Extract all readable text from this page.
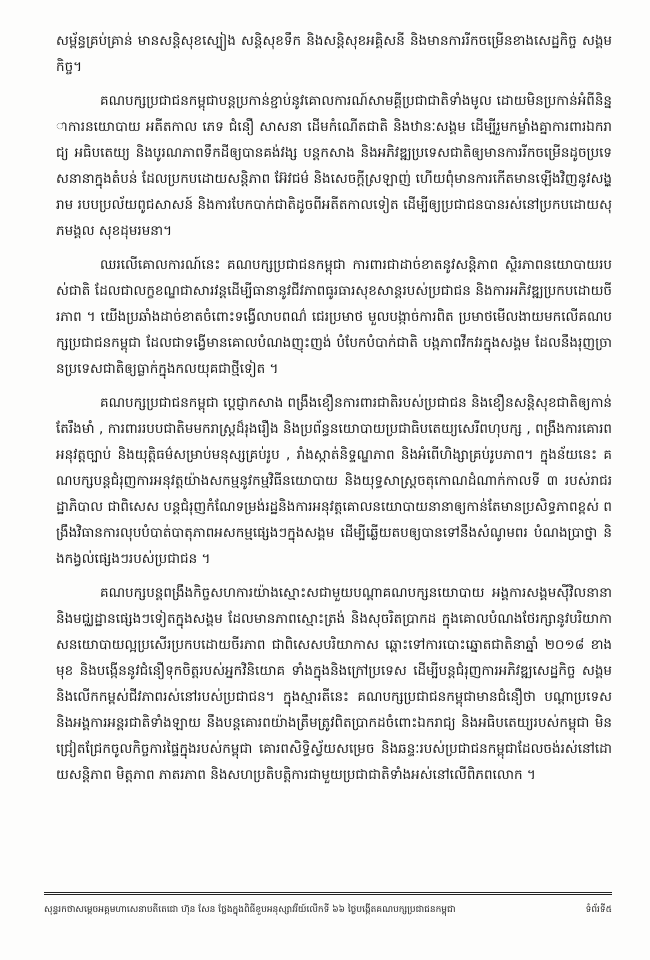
សម្ព័ន្ធគ្រប់គ្រាន់ មានសន្តិសុខស្បៀង សន្តិសុខទឹក និងសន្តិសុខអគ្គិសនី និងមានការរីកចម្រើនខាងសេដ្ឋកិច្ច សង្គមកិច្ច។

គណបក្សប្រជាជនកម្ពុជាបន្តប្រកាន់ខ្ជាប់នូវគោលការណ៍សាមគ្គីប្រជាជាតិទាំងមូល ដោយមិនប្រកាន់អំពីនិន្នាការនយោបាយ អតីតកាល ភេទ ជំនឿ សាសនា ដើមកំណើតជាតិ និងឋានៈសង្គម ដើម្បីរួមកម្លាំងគ្នាការពារឯករាជ្យ អធិបតេយ្យ និងបូរណភាពទឹកដីឲ្យបានគង់វង្ស បន្តកសាង និងអភិវឌ្ឍប្រទេសជាតិឲ្យមានការរីកចម្រើនដូចប្រទេសនានាក្នុងតំបន់ ដែលប្រកបដោយសន្តិភាព អ៊ែវជម៌ និងសេចក្តីស្រឡាញ់ ហើយពុំមានការកើតមានឡើងវិញនូវសង្គ្រាម របបប្រល័យពូជសាសន៍ និងការបែកបាក់ជាតិដូចពីអតីតកាលទៀត ដើម្បីឲ្យប្រជាជនបានរស់នៅប្រកបដោយសុភមង្គល សុខដុមរមនា។

ឈរលើគោលការណ៍នេះ គណបក្សប្រជាជនកម្ពុជា ការពារជាដាច់ខាតនូវសន្តិភាព ស្ថិរភាពនយោបាយរបស់ជាតិ ដែលជាលក្ខខណ្ឌជាសារវន្តដើម្បីធានានូវជីវភាពធូរធារសុខសាន្តរបស់ប្រជាជន និងការអភិវឌ្ឍប្រកបដោយចីរភាព ។ យើងប្រឆាំងដាច់ខាតចំពោះទង្វើលាបពណ៌ ជេរប្រមាថ មួលបង្កាច់ការពិត ប្រមាថមើលងាយមកលើគណបក្សប្រជាជនកម្ពុជា ដែលជាទង្វើមានគោលបំណងញុះញង់ បំបែកបំបាក់ជាតិ បង្កភាពវឹកវរក្នុងសង្គម ដែលនឹងរុញច្រានប្រទេសជាតិឲ្យធ្លាក់ក្នុងកលយុគជាថ្មីទៀត ។

គណបក្សប្រជាជនកម្ពុជា ប្តេជ្ញាកសាង ពង្រឹងខឿនការពារជាតិរបស់ប្រជាជន និងខឿនសន្តិសុខជាតិឲ្យកាន់តែរឹងមាំ , ការពាររបបជាតិមមករាស្ត្រដ៏រុងរឿង និងប្រព័ន្ធនយោបាយប្រជាធិបតេយ្យសេរីពហុបក្ស , ពង្រឹងការគោរពអនុវត្តច្បាប់ និងយុត្តិធម៌សម្រាប់មនុស្សគ្រប់រូប , រាំងស្កាត់និទ្ទណ្ឌភាព និងអំពើហិង្សាគ្រប់រូបភាព។ ក្នុងន័យនេះ គណបក្សបន្តជំរុញការអនុវត្តយ៉ាងសកម្មនូវកម្មវិធីនយោបាយ និងយុទ្ធសាស្ត្រចតុកោណដំណាក់កាលទី ៣ របស់រាជរដ្ឋាភិបាល ជាពិសេស បន្តជំរុញកំណែទម្រង់រដ្ឋនិងការអនុវត្តគោលនយោបាយនានាឲ្យកាន់តែមានប្រសិទ្ធភាពខ្ពស់ ពង្រឹងវិធានការលុបបំបាត់បាតុភាពអសកម្មផ្សេងៗក្នុងសង្គម ដើម្បីឆ្លើយតបឲ្យបានទៅនឹងសំណូមពរ បំណងប្រាថ្នា និងកង្វល់ផ្សេងៗរបស់ប្រជាជន ។

គណបក្សបន្តពង្រឹងកិច្ចសហការយ៉ាងស្មោះសជាមួយបណ្តាគណបក្សនយោបាយ អង្គការសង្គមស៊ីវិលនានា និងមជ្ឈដ្ឋានផ្សេងៗទៀតក្នុងសង្គម ដែលមានភាពស្មោះត្រង់ និងសុចរិតប្រាកដ ក្នុងគោលបំណងថែរក្សានូវបរិយាកាសនយោបាយល្អប្រសើរប្រកបដោយចីរភាព ជាពិសេសបរិយាកាស ឆ្ពោះទៅការបោះឆ្នោតជាតិនាឆ្នាំ ២០១៨ ខាងមុខ និងបង្កើននូវជំនឿទុកចិត្តរបស់អ្នកវិនិយោគ ទាំងក្នុងនិងក្រៅប្រទេស ដើម្បីបន្តជំរុញការអភិវឌ្ឍសេដ្ឋកិច្ច សង្គម និងលើកកម្ពស់ជីវភាពរស់នៅរបស់ប្រជាជន។ ក្នុងស្មារតីនេះ គណបក្សប្រជាជនកម្ពុជាមានជំនឿថា បណ្តាប្រទេស និងអង្គការអន្តរជាតិទាំងឡាយ នឹងបន្តគោរពយ៉ាងត្រឹមត្រូវពិតប្រាកដចំពោះឯករាជ្យ និងអធិបតេយ្យរបស់កម្ពុជា មិនជ្រៀតជ្រែកចូលកិច្ចការផ្ទៃក្នុងរបស់កម្ពុជា គោរពសិទ្ធិស្វ័យសម្រេច និងឆន្ទៈរបស់ប្រជាជនកម្ពុជាដែលចង់រស់នៅដោយសន្តិភាព មិត្តភាព ភាតរភាព និងសហប្រតិបត្តិការជាមួយប្រជាជាតិទាំងអស់នៅលើពិភពលោក ។

សុន្ទរកថាសម្តេចអគ្គមហាសេនាបតីតេជោ ហ៊ុន សែន ថ្លែងក្នុងពិធីខួបអនុស្សាវរីយ៍លើកទី ៦៦ ថ្ងៃបង្កើតគណបក្សប្រជាជនកម្ពុជា	ទំព័រទី៥
